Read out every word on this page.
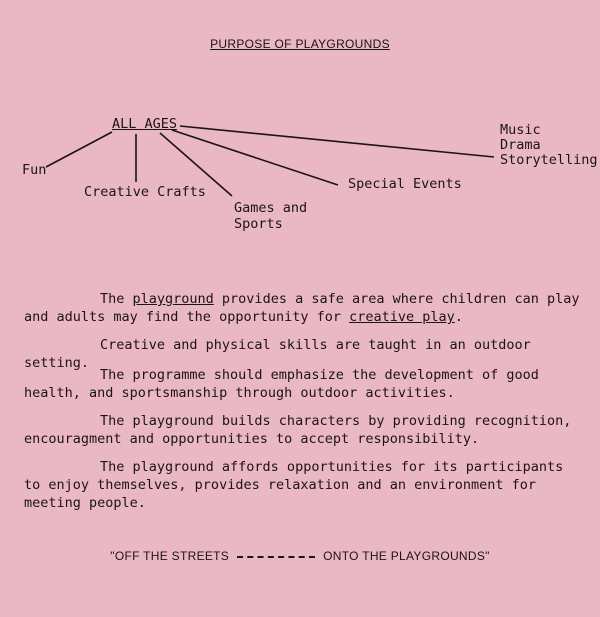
PURPOSE OF PLAYGROUNDS
ALL AGES
Fun
Creative Crafts
Games and
Sports
Special Events
Music
Drama
Storytelling
The playground provides a safe area where children can play and adults may find the opportunity for creative play.
Creative and physical skills are taught in an outdoor setting.
The programme should emphasize the development of good health, and sportsmanship through outdoor activities.
The playground builds characters by providing recognition, encouragment and opportunities to accept responsibility.
The playground affords opportunities for its participants to enjoy themselves, provides relaxation and an environment for meeting people.
"OFF THE STREETS	ONTO THE PLAYGROUNDS"
